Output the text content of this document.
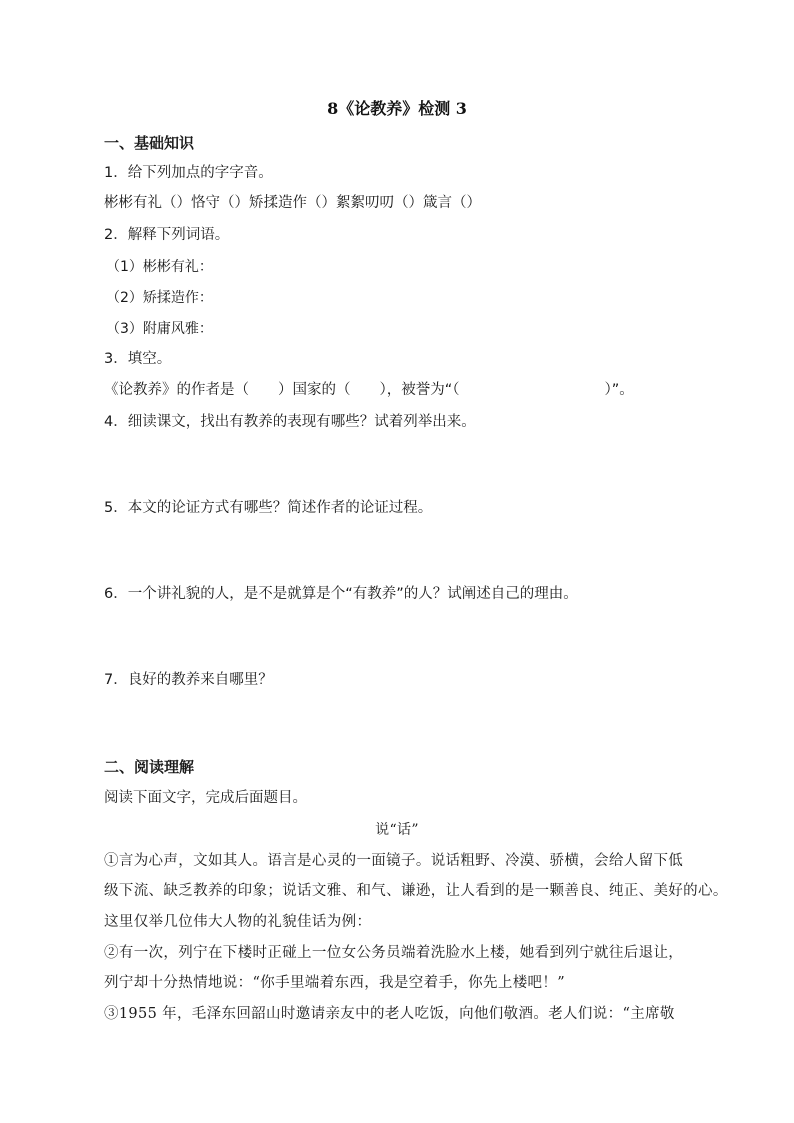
8《论教养》检测 3
一、基础知识
1．给下列加点的字字音。
彬彬有礼（）恪守（）矫揉造作（）絮絮叨叨（）箴言（）
2．解释下列词语。
（1）彬彬有礼：
（2）矫揉造作：
（3）附庸风雅：
3．填空。
《论教养》的作者是（　　）国家的（　　），被誉为“（　　　　　　　　　　）”。
4．细读课文，找出有教养的表现有哪些？试着列举出来。
5．本文的论证方式有哪些？简述作者的论证过程。
6．一个讲礼貌的人，是不是就算是个“有教养”的人？试阐述自己的理由。
7．良好的教养来自哪里？
二、阅读理解
阅读下面文字，完成后面题目。
说“话”
①言为心声，文如其人。语言是心灵的一面镜子。说话粗野、冷漠、骄横，会给人留下低
级下流、缺乏教养的印象；说话文雅、和气、谦逊，让人看到的是一颗善良、纯正、美好的心。
这里仅举几位伟大人物的礼貌佳话为例：
②有一次，列宁在下楼时正碰上一位女公务员端着洗脸水上楼，她看到列宁就往后退让，
列宁却十分热情地说：“你手里端着东西，我是空着手，你先上楼吧！”
③1955 年，毛泽东回韶山时邀请亲友中的老人吃饭，向他们敬酒。老人们说：“主席敬
